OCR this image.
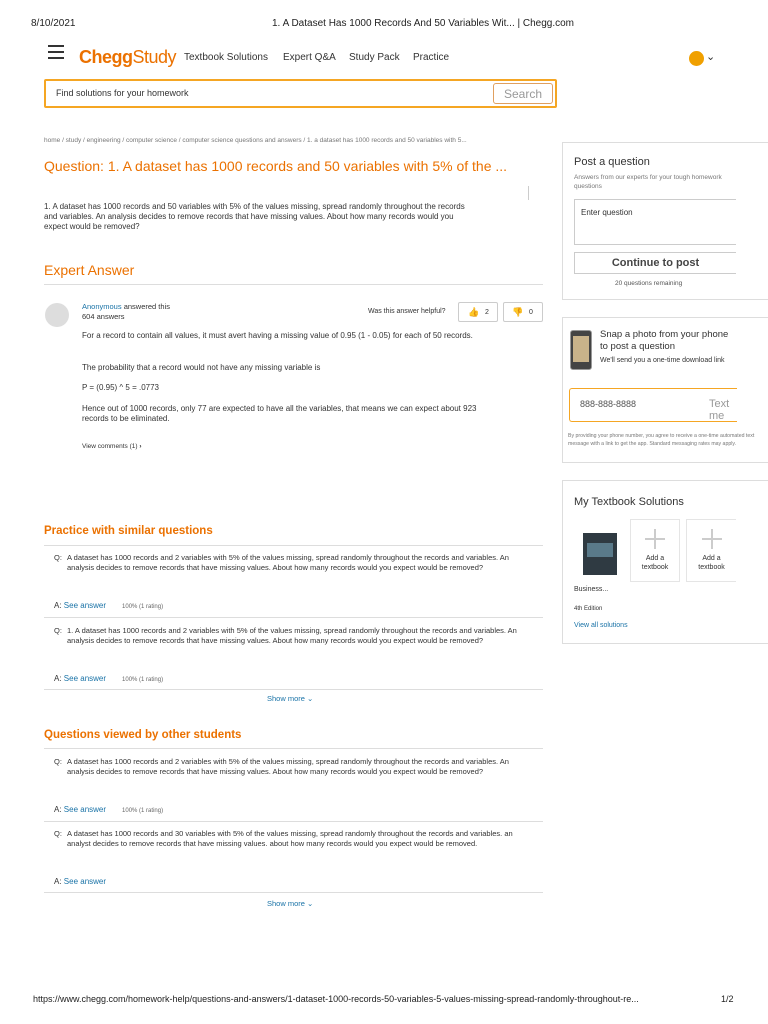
8/10/2021	1. A Dataset Has 1000 Records And 50 Variables Wit... | Chegg.com
https://www.chegg.com/homework-help/questions-and-answers/1-dataset-1000-records-50-variables-5-values-missing-spread-randomly-throughout-re...	1/2
CheggStudy Textbook Solutions Expert Q&A Study Pack Practice	⌄
Find solutions for your homework	Search
home / study / engineering / computer science / computer science questions and answers / 1. a dataset has 1000 records and 50 variables with 5...
Question: 1. A dataset has 1000 records and 50 variables with 5% of the ...
1. A dataset has 1000 records and 50 variables with 5% of the values missing, spread randomly throughout the records and variables. An analysis decides to remove records that have missing values. About how many records would you expect would be removed?
Expert Answer
Anonymous answered this
604 answers
Was this answer helpful? 👍 2	👎 0
For a record to contain all values, it must avert having a missing value of 0.95 (1 - 0.05) for each of 50 records.
The probability that a record would not have any missing variable is
P = (0.95) ^ 5 = .0773
Hence out of 1000 records, only 77 are expected to have all the variables, that means we can expect about 923 records to be eliminated.
View comments (1) ›
Practice with similar questions
Q: A dataset has 1000 records and 2 variables with 5% of the values missing, spread randomly throughout the records and variables. An analysis decides to remove records that have missing values. About how many records would you expect would be removed?
A: See answer	100% (1 rating)
Q: 1. A dataset has 1000 records and 2 variables with 5% of the values missing, spread randomly throughout the records and variables. An analysis decides to remove records that have missing values. About how many records would you expect would be removed?
A: See answer	100% (1 rating)
Show more ⌄
Questions viewed by other students
Q: A dataset has 1000 records and 2 variables with 5% of the values missing, spread randomly throughout the records and variables. An analysis decides to remove records that have missing values. About how many records would you expect would be removed?
A: See answer	100% (1 rating)
Q: A dataset has 1000 records and 30 variables with 5% of the values missing, spread randomly throughout the records and variables. an analyst decides to remove records that have missing values. about how many records would you expect would be removed.
A: See answer
Show more ⌄
Post a question
Answers from our experts for your tough homework questions
Enter question
Continue to post
20 questions remaining
Snap a photo from your phone to post a question
We'll send you a one-time download link
888-888-8888	Text me
By providing your phone number, you agree to receive a one-time automated text message with a link to get the app. Standard messaging rates may apply.
My Textbook Solutions
Business...
4th Edition
View all solutions
Add a textbook
Add a textbook
